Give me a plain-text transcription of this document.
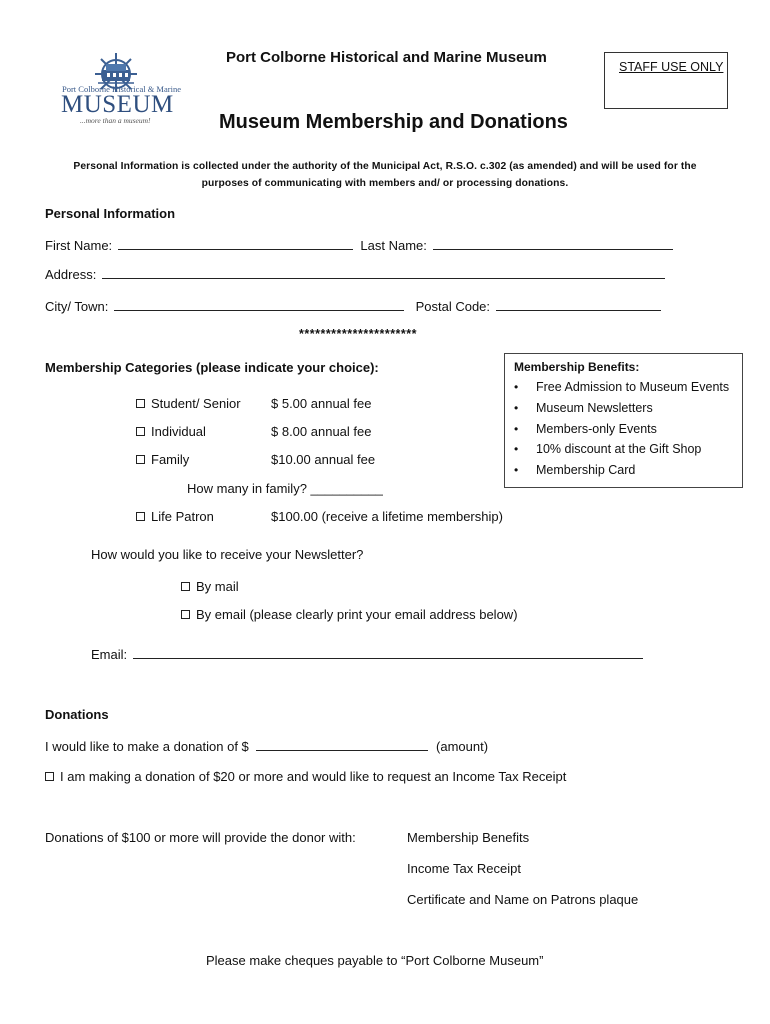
Port Colborne Historical & Marine
MUSEUM
...more than a museum!
Port Colborne Historical and Marine Museum
STAFF USE ONLY
Museum Membership and Donations
Personal Information is collected under the authority of the Municipal Act, R.S.O. c.302 (as amended) and will be used for the
purposes of communicating with members and/ or processing donations.
Personal Information
First Name:	Last Name:
Address:
City/ Town:	Postal Code:
**********************
Membership Categories (please indicate your choice):
Student/ Senior $ 5.00 annual fee
Individual	$ 8.00 annual fee
Family	$10.00 annual fee
How many in family? __________
Life Patron	$100.00 (receive a lifetime membership)
Membership Benefits:
• Free Admission to Museum Events
• Museum Newsletters
• Members-only Events
• 10% discount at the Gift Shop
• Membership Card
How would you like to receive your Newsletter?
By mail
By email (please clearly print your email address below)
Email:
Donations
I would like to make a donation of $	(amount)
I am making a donation of $20 or more and would like to request an Income Tax Receipt
Donations of $100 or more will provide the donor with:	Membership Benefits
Income Tax Receipt
Certificate and Name on Patrons plaque
Please make cheques payable to “Port Colborne Museum”
